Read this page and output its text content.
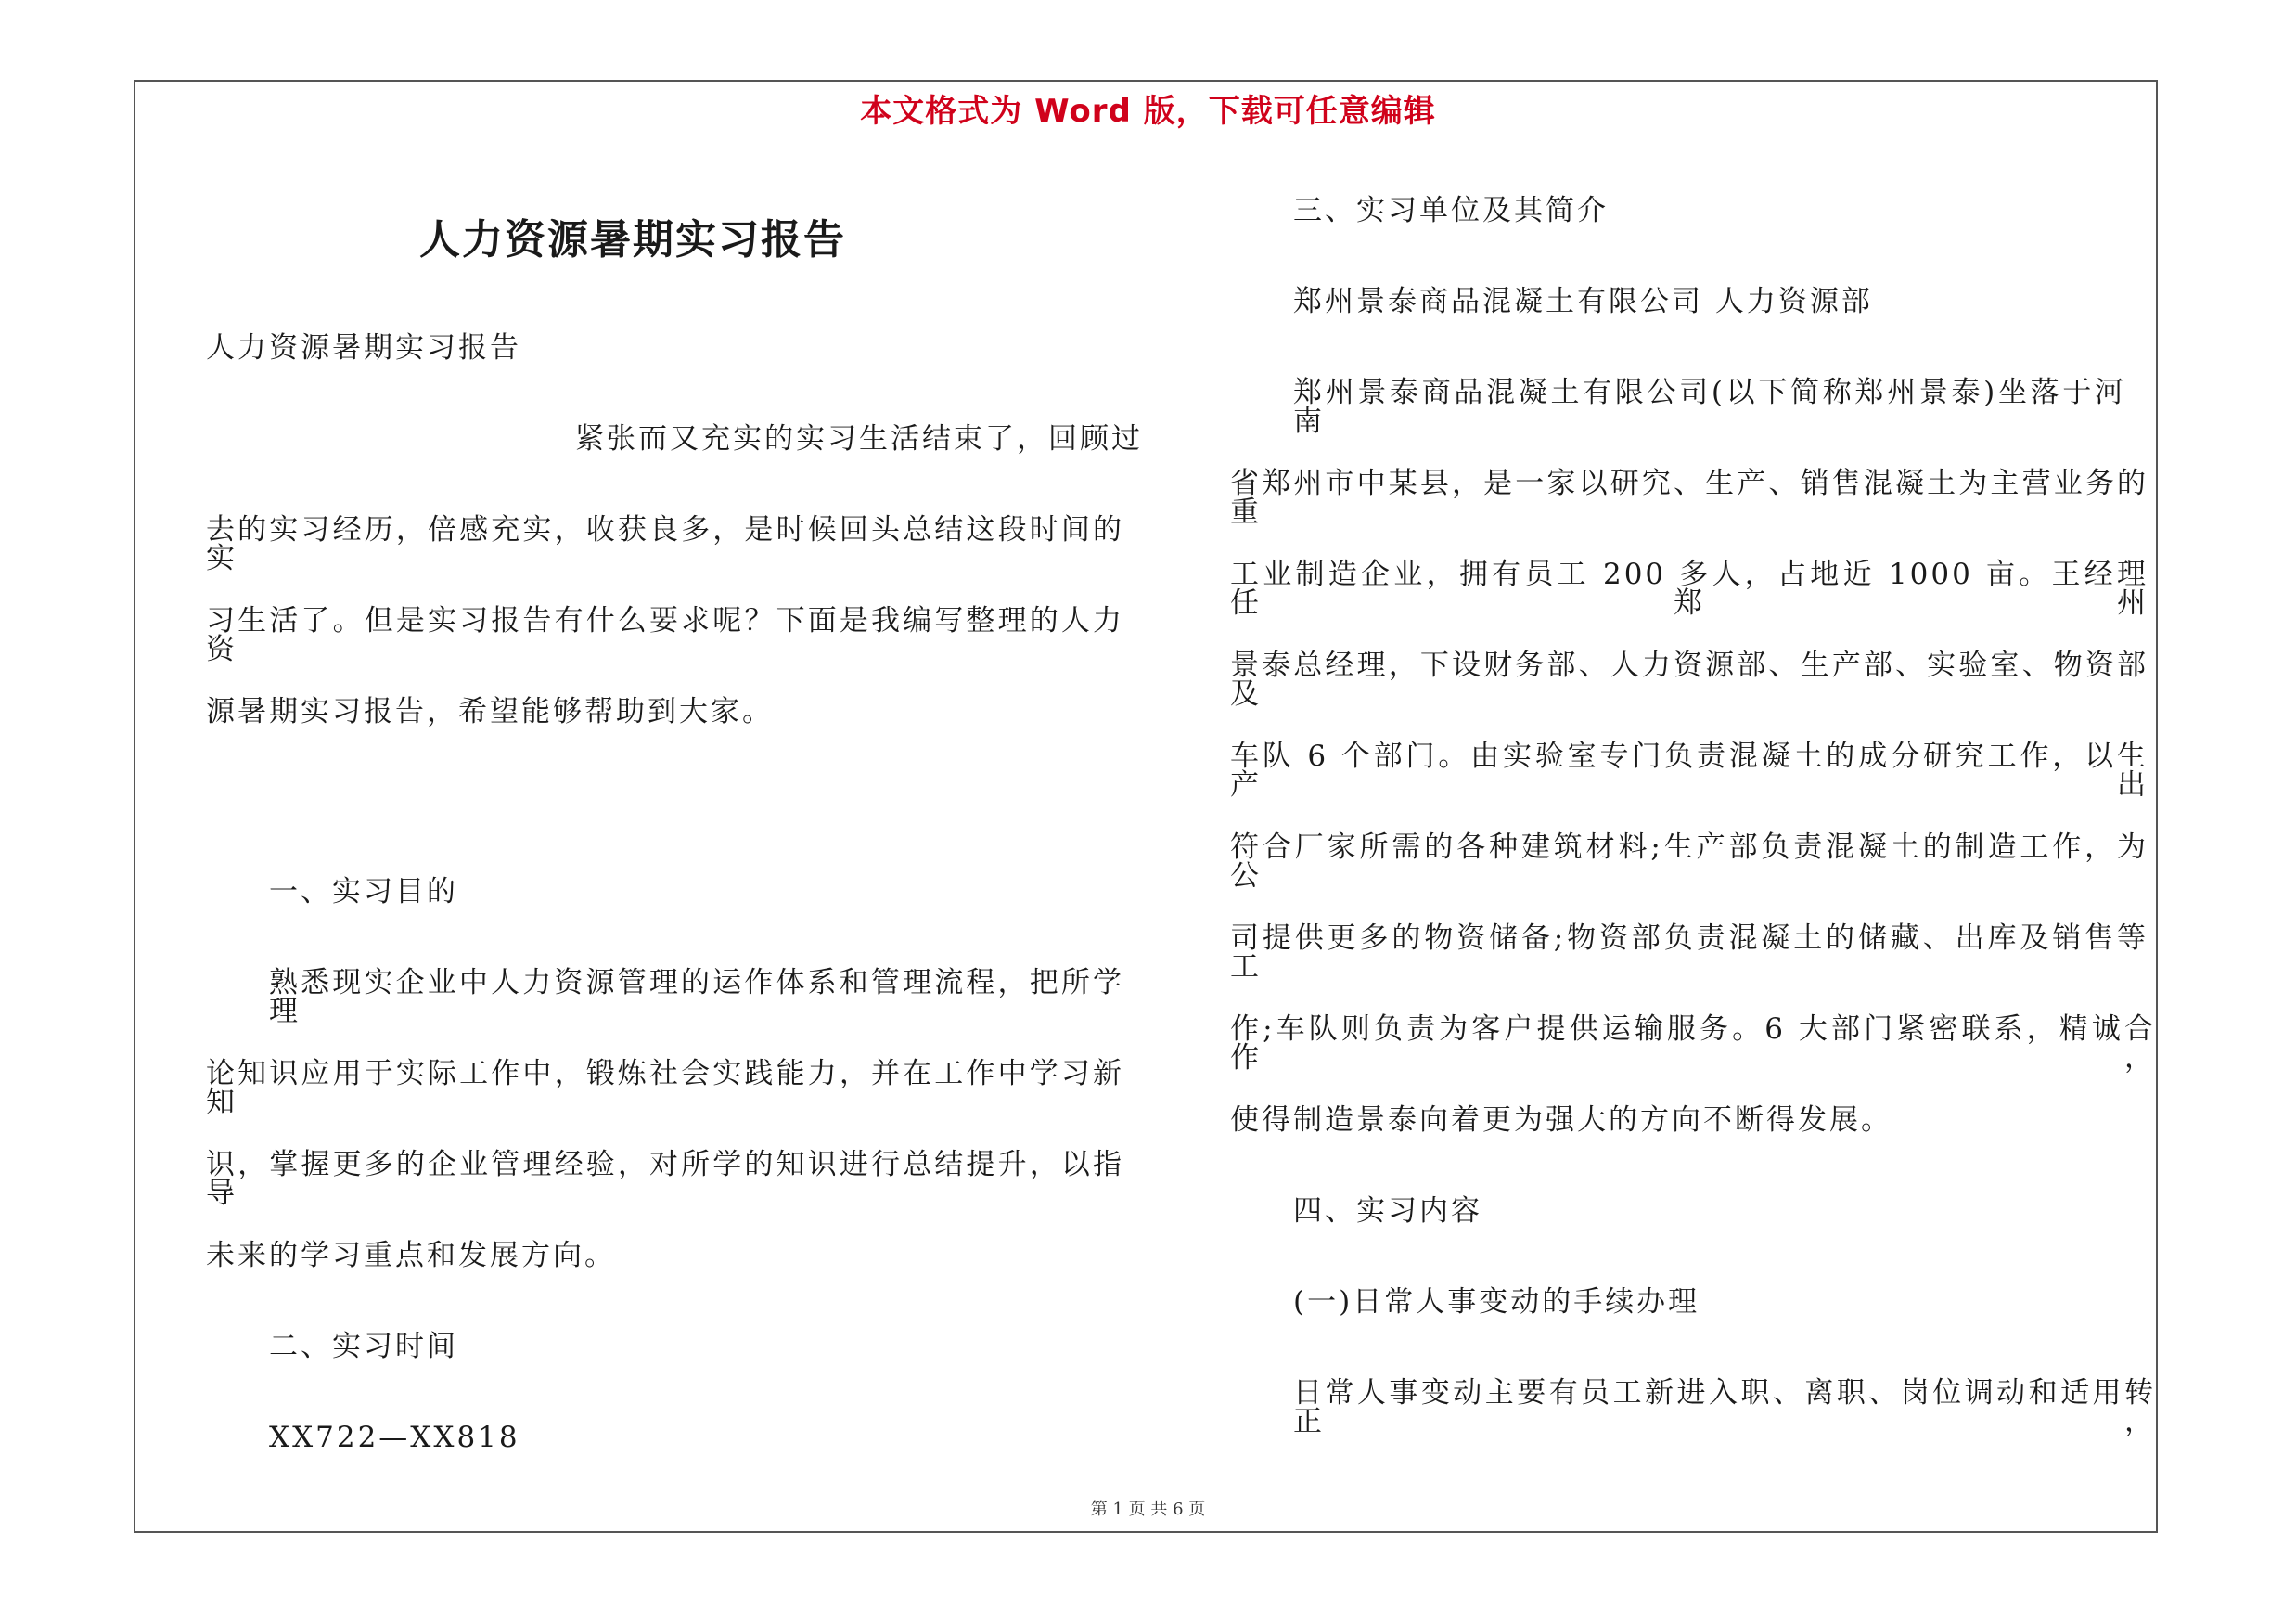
本文格式为 Word 版，下载可任意编辑
人力资源暑期实习报告
人力资源暑期实习报告
紧张而又充实的实习生活结束了，回顾过
去的实习经历，倍感充实，收获良多，是时候回头总结这段时间的实
习生活了。但是实习报告有什么要求呢？下面是我编写整理的人力资
源暑期实习报告，希望能够帮助到大家。
一、实习目的
熟悉现实企业中人力资源管理的运作体系和管理流程，把所学理
论知识应用于实际工作中，锻炼社会实践能力，并在工作中学习新知
识，掌握更多的企业管理经验，对所学的知识进行总结提升，以指导
未来的学习重点和发展方向。
二、实习时间
XX722—XX818
三、实习单位及其简介
郑州景泰商品混凝土有限公司 人力资源部
郑州景泰商品混凝土有限公司(以下简称郑州景泰)坐落于河南
省郑州市中某县，是一家以研究、生产、销售混凝土为主营业务的重
工业制造企业，拥有员工 200 多人，占地近 1000 亩。王经理任郑州
景泰总经理，下设财务部、人力资源部、生产部、实验室、物资部及
车队 6 个部门。由实验室专门负责混凝土的成分研究工作，以生产出
符合厂家所需的各种建筑材料;生产部负责混凝土的制造工作，为公
司提供更多的物资储备;物资部负责混凝土的储藏、出库及销售等工
作;车队则负责为客户提供运输服务。6 大部门紧密联系，精诚合作，
使得制造景泰向着更为强大的方向不断得发展。
四、实习内容
(一)日常人事变动的手续办理
日常人事变动主要有员工新进入职、离职、岗位调动和适用转正，
第 1 页 共 6 页
